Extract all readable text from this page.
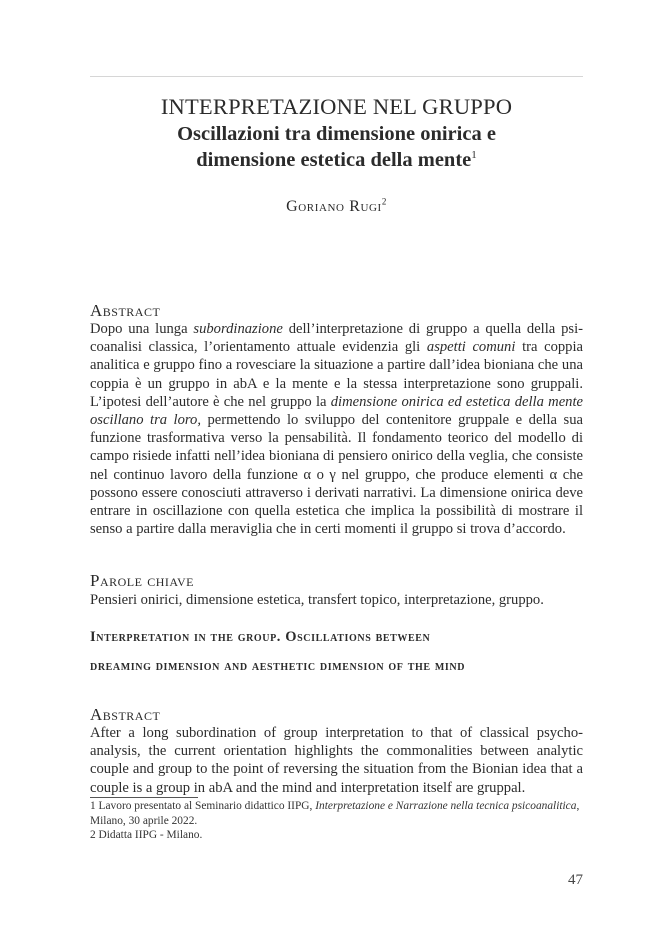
INTERPRETAZIONE NEL GRUPPO
Oscillazioni tra dimensione onirica e
dimensione estetica della mente$^1$
Goriano Rugi$^2$
Abstract
Dopo una lunga subordinazione dell’interpretazione di gruppo a quella della psicoanalisi classica, l’orientamento attuale evidenzia gli aspetti comuni tra coppia analitica e gruppo fino a rovesciare la situazione a partire dall’idea bioniana che una coppia è un gruppo in abA e la mente e la stessa interpretazione sono gruppali. L’ipotesi dell’autore è che nel gruppo la dimensione onirica ed estetica della mente oscillano tra loro, permettendo lo sviluppo del contenitore gruppale e della sua funzione trasformativa verso la pensabilità. Il fondamento teorico del modello di campo risiede infatti nell’idea bioniana di pensiero onirico della veglia, che consiste nel continuo lavoro della funzione α o γ nel gruppo, che produce elementi α che possono essere conosciuti attraverso i derivati narrativi. La dimensione onirica deve entrare in oscillazione con quella estetica che implica la possibilità di mostrare il senso a partire dalla meraviglia che in certi momenti il gruppo si trova d’accordo.
Parole chiave
Pensieri onirici, dimensione estetica, transfert topico, interpretazione, gruppo.
Interpretation in the group. Oscillations between
dreaming dimension and aesthetic dimension of the mind
Abstract
After a long subordination of group interpretation to that of classical psychoanalysis, the current orientation highlights the commonalities between analytic couple and group to the point of reversing the situation from the Bionian idea that a couple is a group in abA and the mind and interpretation itself are gruppal.
1 Lavoro presentato al Seminario didattico IIPG, Interpretazione e Narrazione nella tecnica psicoanalitica, Milano, 30 aprile 2022.
2 Didatta IIPG - Milano.
47
